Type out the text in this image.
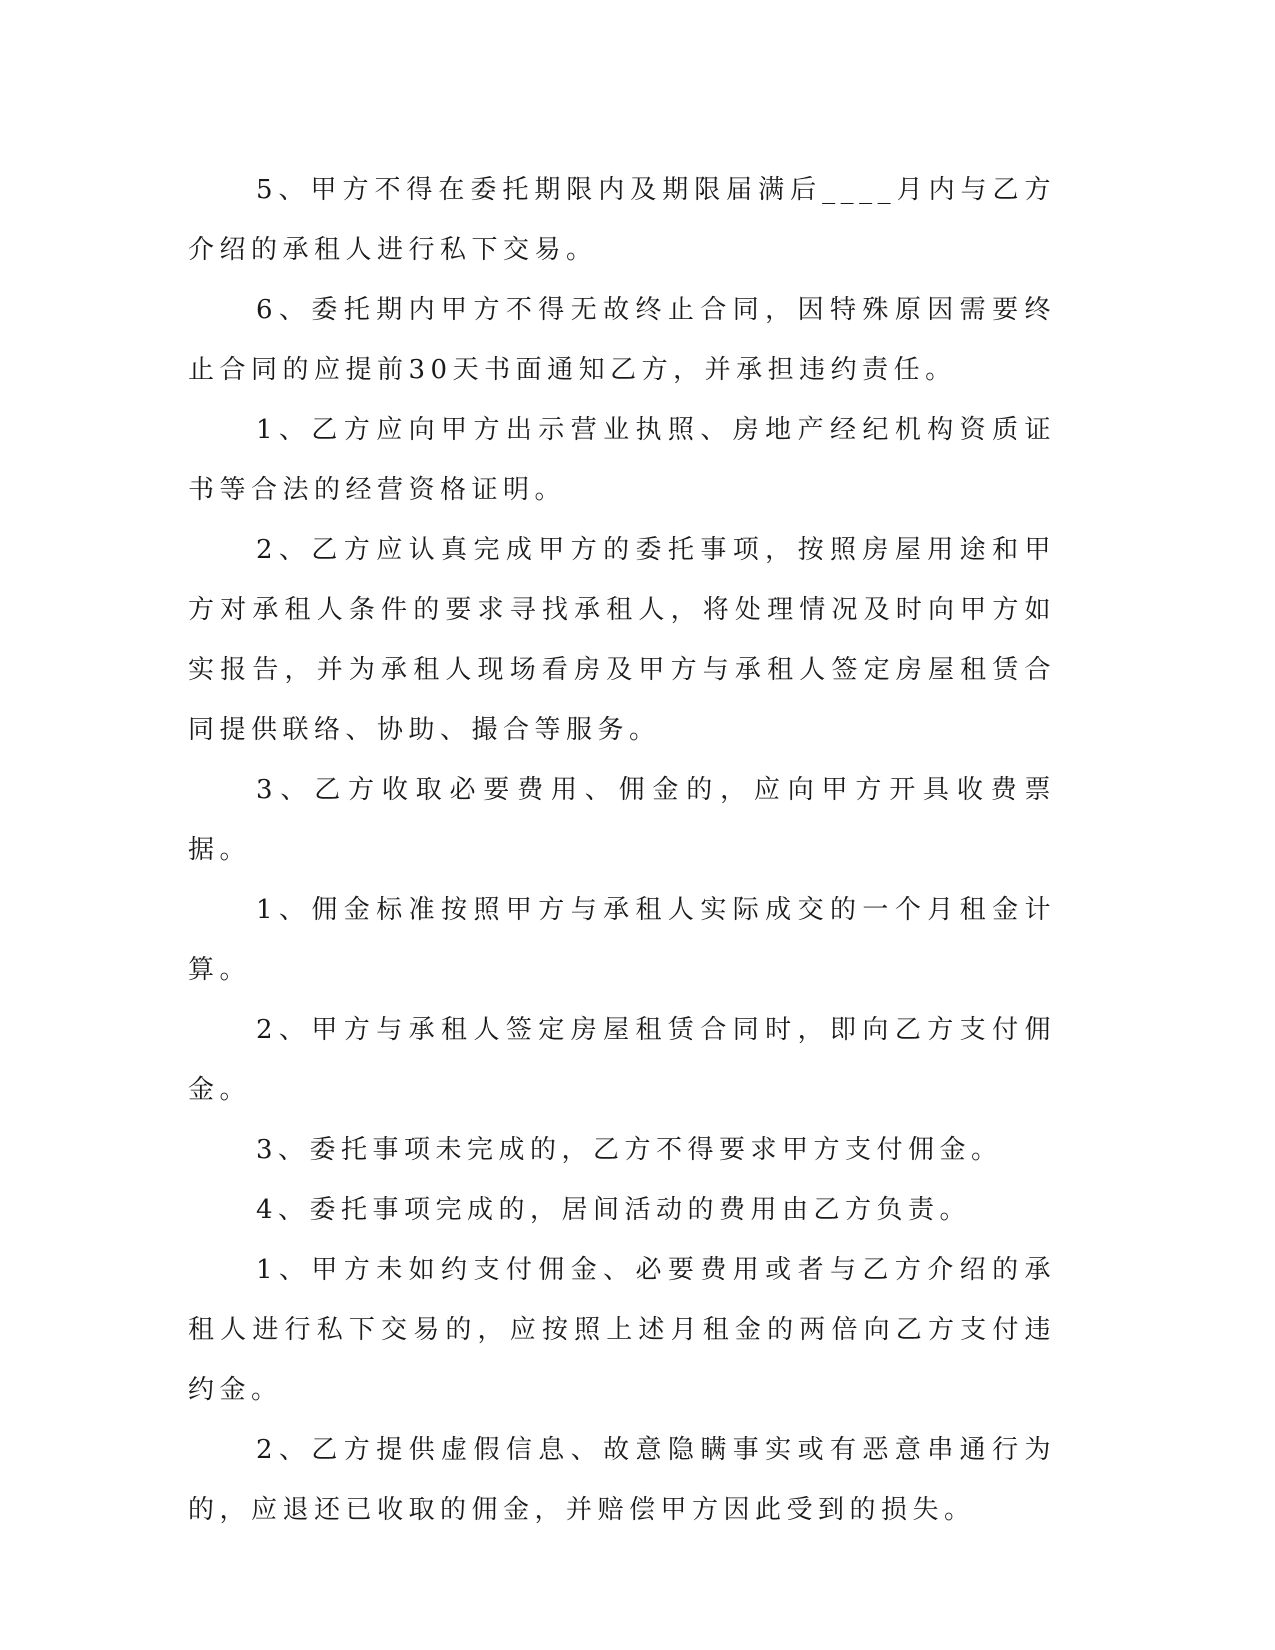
5、甲方不得在委托期限内及期限届满后____月内与乙方介绍的承租人进行私下交易。

6、委托期内甲方不得无故终止合同，因特殊原因需要终止合同的应提前30天书面通知乙方，并承担违约责任。

1、乙方应向甲方出示营业执照、房地产经纪机构资质证书等合法的经营资格证明。

2、乙方应认真完成甲方的委托事项，按照房屋用途和甲方对承租人条件的要求寻找承租人，将处理情况及时向甲方如实报告，并为承租人现场看房及甲方与承租人签定房屋租赁合同提供联络、协助、撮合等服务。

3、乙方收取必要费用、佣金的，应向甲方开具收费票据。

1、佣金标准按照甲方与承租人实际成交的一个月租金计算。

2、甲方与承租人签定房屋租赁合同时，即向乙方支付佣金。

3、委托事项未完成的，乙方不得要求甲方支付佣金。

4、委托事项完成的，居间活动的费用由乙方负责。

1、甲方未如约支付佣金、必要费用或者与乙方介绍的承租人进行私下交易的，应按照上述月租金的两倍向乙方支付违约金。

2、乙方提供虚假信息、故意隐瞒事实或有恶意串通行为的，应退还已收取的佣金，并赔偿甲方因此受到的损失。
